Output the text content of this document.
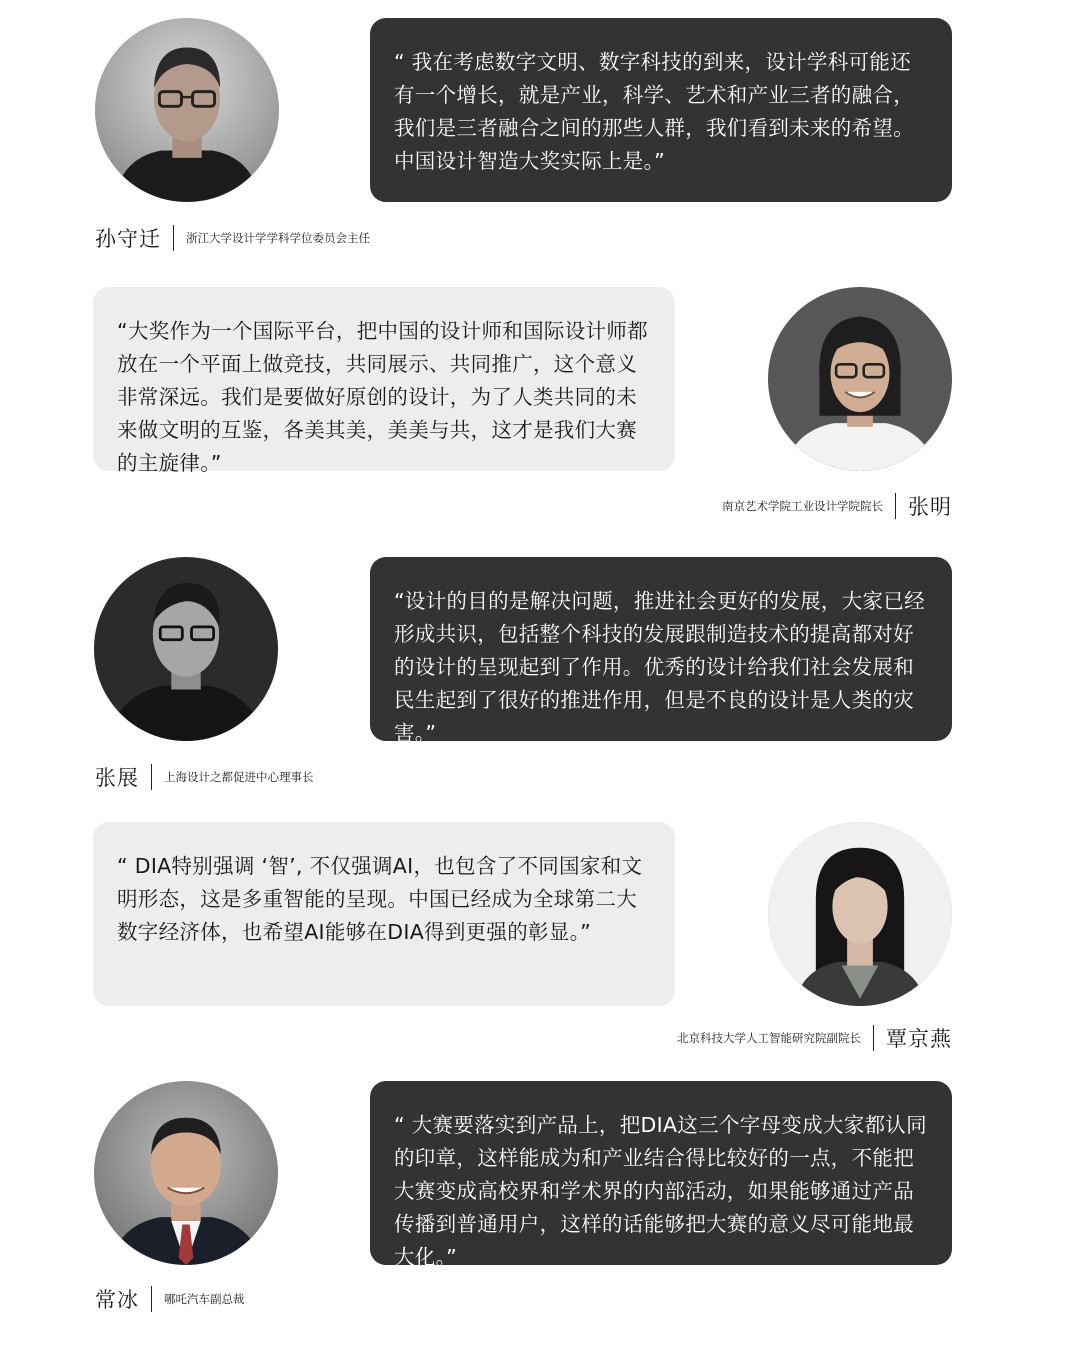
“ 我在考虑数字文明、数字科技的到来，设计学科可能还有一个增长，就是产业，科学、艺术和产业三者的融合，我们是三者融合之间的那些人群，我们看到未来的希望。中国设计智造大奖实际上是。”
孙守迁 浙江大学设计学学科学位委员会主任
“大奖作为一个国际平台，把中国的设计师和国际设计师都放在一个平面上做竞技，共同展示、共同推广，这个意义非常深远。我们是要做好原创的设计，为了人类共同的未来做文明的互鉴，各美其美，美美与共，这才是我们大赛的主旋律。”
南京艺术学院工业设计学院院长 张明
“设计的目的是解决问题，推进社会更好的发展，大家已经形成共识，包括整个科技的发展跟制造技术的提高都对好的设计的呈现起到了作用。优秀的设计给我们社会发展和民生起到了很好的推进作用，但是不良的设计是人类的灾害。”
张展 上海设计之都促进中心理事长
“ DIA特别强调 ‘智’, 不仅强调AI，也包含了不同国家和文明形态，这是多重智能的呈现。中国已经成为全球第二大数字经济体，也希望AI能够在DIA得到更强的彰显。”
北京科技大学人工智能研究院副院长 覃京燕
“ 大赛要落实到产品上，把DIA这三个字母变成大家都认同的印章，这样能成为和产业结合得比较好的一点，不能把大赛变成高校界和学术界的内部活动，如果能够通过产品传播到普通用户，这样的话能够把大赛的意义尽可能地最大化。”
常冰 哪吒汽车副总裁
